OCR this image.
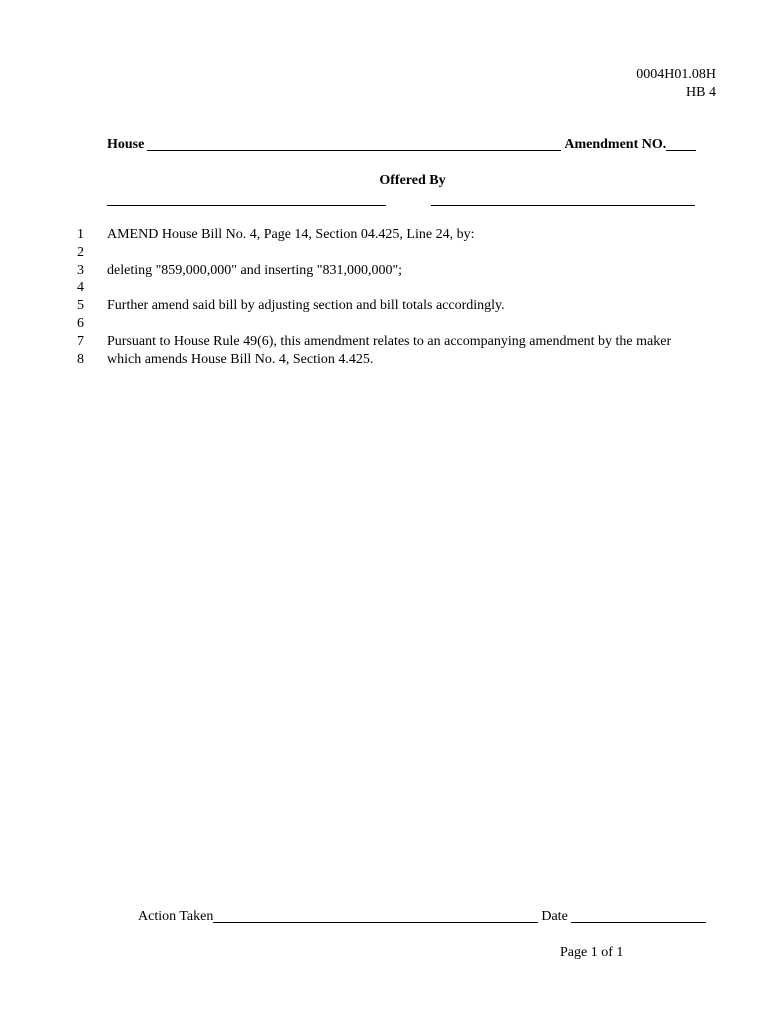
0004H01.08H
HB 4
House	Amendment NO.
Offered By
1
2
3
4
5
6
7
8
AMEND House Bill No. 4, Page 14, Section 04.425, Line 24, by:
deleting "859,000,000" and inserting "831,000,000";
Further amend said bill by adjusting section and bill totals accordingly.
Pursuant to House Rule 49(6), this amendment relates to an accompanying amendment by the maker
which amends House Bill No. 4, Section 4.425.
Action Taken	Date
Page 1 of 1
